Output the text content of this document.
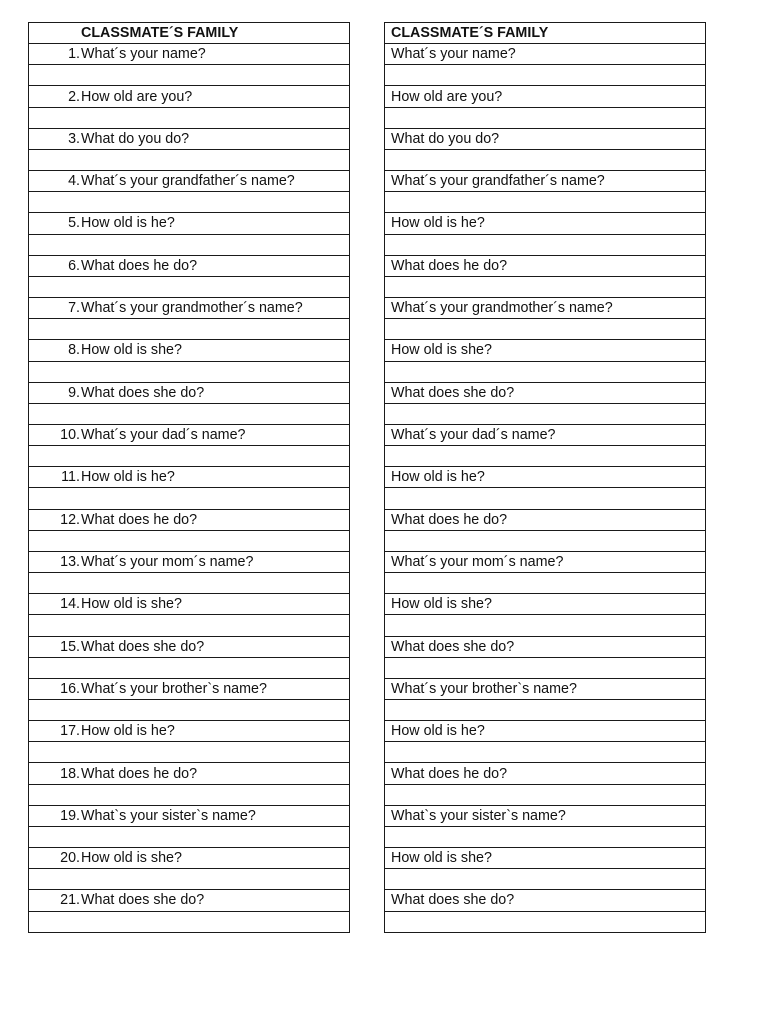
CLASSMATE´S FAMILY
1. What´s your name?
2. How old are you?
3. What do you do?
4. What´s your grandfather´s name?
5. How old is he?
6. What does he do?
7. What´s your grandmother´s name?
8. How old is she?
9. What does she do?
10. What´s your dad´s name?
11. How old is he?
12. What does he do?
13. What´s your mom´s name?
14. How old is she?
15. What does she do?
16. What´s your brother`s name?
17. How old is he?
18. What does he do?
19. What`s your sister`s name?
20. How old is she?
21. What does she do?
CLASSMATE´S FAMILY
What´s your name?
How old are you?
What do you do?
What´s your grandfather´s name?
How old is he?
What does he do?
What´s your grandmother´s name?
How old is she?
What does she do?
What´s your dad´s name?
How old is he?
What does he do?
What´s your mom´s name?
How old is she?
What does she do?
What´s your brother`s name?
How old is he?
What does he do?
What`s your sister`s name?
How old is she?
What does she do?
